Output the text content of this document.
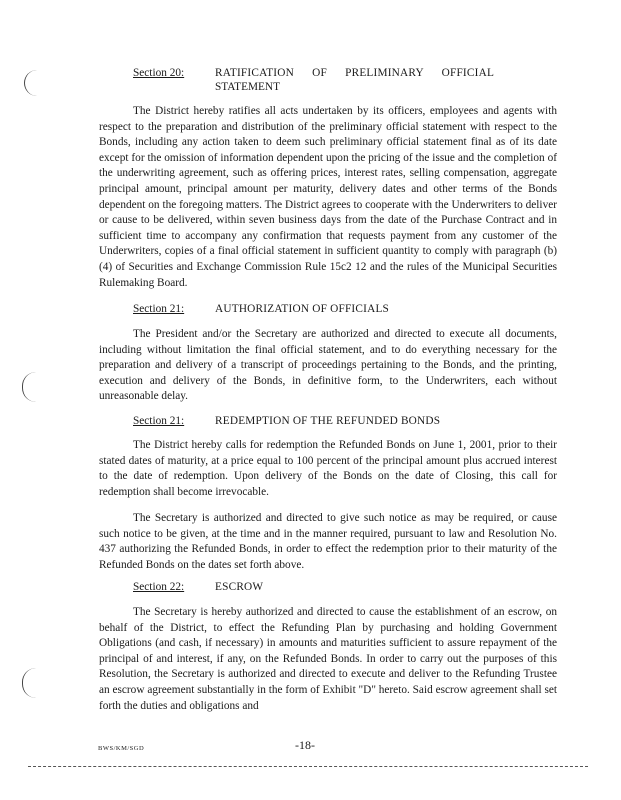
Section 20:	RATIFICATION      OF      PRELIMINARY      OFFICIAL
STATEMENT

The District hereby ratifies all acts undertaken by its officers, employees and agents with respect to the preparation and distribution of the preliminary official statement with respect to the Bonds, including any action taken to deem such preliminary official statement final as of its date except for the omission of information dependent upon the pricing of the issue and the completion of the underwriting agreement, such as offering prices, interest rates, selling compensation, aggregate principal amount, principal amount per maturity, delivery dates and other terms of the Bonds dependent on the foregoing matters. The District agrees to cooperate with the Underwriters to deliver or cause to be delivered, within seven business days from the date of the Purchase Contract and in sufficient time to accompany any confirmation that requests payment from any customer of the Underwriters, copies of a final official statement in sufficient quantity to comply with paragraph (b)(4) of Securities and Exchange Commission Rule 15c2 12 and the rules of the Municipal Securities Rulemaking Board.

Section 21:	AUTHORIZATION OF OFFICIALS

The President and/or the Secretary are authorized and directed to execute all documents, including without limitation the final official statement, and to do everything necessary for the preparation and delivery of a transcript of proceedings pertaining to the Bonds, and the printing, execution and delivery of the Bonds, in definitive form, to the Underwriters, each without unreasonable delay.

Section 21:	REDEMPTION OF THE REFUNDED BONDS

The District hereby calls for redemption the Refunded Bonds on June 1, 2001, prior to their stated dates of maturity, at a price equal to 100 percent of the principal amount plus accrued interest to the date of redemption. Upon delivery of the Bonds on the date of Closing, this call for redemption shall become irrevocable.

The Secretary is authorized and directed to give such notice as may be required, or cause such notice to be given, at the time and in the manner required, pursuant to law and Resolution No. 437 authorizing the Refunded Bonds, in order to effect the redemption prior to their maturity of the Refunded Bonds on the dates set forth above.

Section 22:	ESCROW

The Secretary is hereby authorized and directed to cause the establishment of an escrow, on behalf of the District, to effect the Refunding Plan by purchasing and holding Government Obligations (and cash, if necessary) in amounts and maturities sufficient to assure repayment of the principal of and interest, if any, on the Refunded Bonds. In order to carry out the purposes of this Resolution, the Secretary is authorized and directed to execute and deliver to the Refunding Trustee an escrow agreement substantially in the form of Exhibit "D" hereto. Said escrow agreement shall set forth the duties and obligations and

BWS/KM/SGD	-18-
